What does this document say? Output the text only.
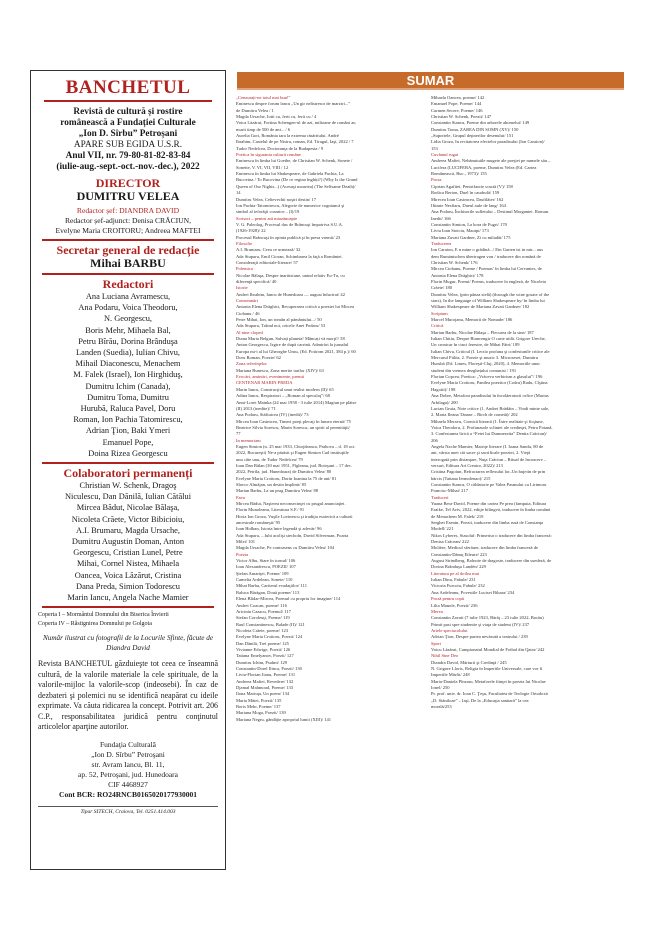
BANCHETUL
Revistă de cultură și rostire
românească a Fundației Culturale
„Ion D. Sîrbu” Petroșani
APARE SUB EGIDA U.S.R.
Anul VII, nr. 79-80-81-82-83-84
(iulie-aug.-sept.-oct.-nov.-dec.), 2022
DIRECTOR
DUMITRU VELEA
Redactor șef: DIANDRA DAVID
Redactor șef-adjunct: Denisa CRĂCIUN,
Evelyne Maria CROITORU; Andreea MAFTEI
Secretar general de redacție
Mihai BARBU
Redactori
Ana Luciana Avramescu,
Ana Podaru, Voica Theodoru,
N. Georgescu,
Boris Mehr, Mihaela Bal,
Petru Bîrău, Dorina Brânduşa
Landen (Suedia), Iulian Chivu,
Mihail Diaconescu, Menachem
M. Falek (Israel), Ion Hirghiduş,
Dumitru Ichim (Canada),
Dumitru Toma, Dumitru
Hurubă, Raluca Pavel, Doru
Roman, Ion Pachia Tatomirescu,
Adrian Ţion, Baki Ymeri
Emanuel Pope,
Doina Rizea Georgescu
Colaboratori permanenți
Christian W. Schenk, Dragoş
Niculescu, Dan Dănilă, Iulian Cătălui
Mircea Bădut, Nicolae Bălaşa,
Nicoleta Crăete, Victor Bibicioiu,
A.I. Brumaru, Magda Ursache,
Dumitru Augustin Doman, Anton
Georgescu, Cristian Lunel, Petre
Mihai, Cornel Nistea, Mihaela
Oancea, Voica Lăzărut, Cristina
Dana Preda, Simion Todorescu
Marin Iancu, Angela Nache Mamier
Coperta I – Mormântul Domnului din Biserica Învierii
Coperta IV – Răstignirea Domnului pe Golgota
Număr ilustrat cu fotografii de la Locurile Sfinte, făcute de Diandra David
Revista BANCHETUL găzduieşte tot ceea ce înseamnă cultură, de la valorile materiale la cele spirituale, de la valorile-mijloc la valorile-scop (indeosebi). În caz de dezbateri şi polemici nu se identifică neapărat cu ideile exprimate. Va căuta ridicarea la concept. Potrivit art. 206 C.P., responsabilitatea juridică pentru conţinutul articolelor aparţine autorilor.
Fundaţia Culturală
„Ion D. Sîrbu” Petroşani
str. Avram Iancu, Bl. 11,
ap. 52, Petroşani, jud. Hunedoara
CIF 4468927
Cont BCR: RO24RNCB0165020177930001
Tipar SITECH, Craiova, Tel. 0251.414.003
SUMAR
„Cenzurați-ne totul mai bun!”
Eminescu despre forum lancu „Un gir nelistresor de marziri...”
de Dumitru Velea / 1
Magda Ursache, Iotti cu, ferit cu, ferit cu / 4
Voica Lăzărut, Fortina Schengen-ul de azi, milioane de români au
murit timp de 500 de ani... / 6
Aurelia Gori, România tara la extrema răsăritului. André
Ibrahim, Castelul de pe Nistru, roman, Ed. Tiragul, Iaşi, 2022 / 7
Tudor Nedelcea, Doctoranţa de la Budapesta / 9
Poetica în siguranta culturii române
Eminescu în limba lui Goethe, de Christian W. Schenk, Sonete /
Sonette, V. VI, VII, VIII / 12
Eminescu în limba lui Shakespeare, de Gabriela Pachia, La
Bucovina / To Bucovina (De ce regina înghiți?) (Why Is the Grand
Queen of Our Nights...) (Acesaşi moartea) (The Selfsame Death)/
14
Dumitru Velea, Celtevechii noştri destin/ 17
Ion Pachia-Tatomirescu, Alegorie de numerice cogniancă şi
simbol al teforâţii cosmice... (I)/19
Scrisori – pentru ară miazănoapte
V. G. Paleolog, Procesul dus de Brâncuşi împotriva S.U.A.
(1926-1928)/ 22
Procesul Brâncuşi în opinia publică şi în presa vremii/ 23
Filosofie
A.I. Brumaru, Ceea ce urmează/ 32
Ada Stuparu, Emil Cioran, Schimbarea la faţă a României.
Consideraţii editoriale-literare/ 57
Polemica
Nicolae Bălaşa, Despre inaritisiune, unind relativ Eu-Tu, cu
diferenţă specifică/ 40
Istorie
Andrei Ibrahim, Iancu de Hunedoara — august înlucirat/ 42
Consemnări
Antonia Elena Drăghici, Recuperarea critică a poeziei lui Mircea
Ciobanu / 46
Petre Mihai, Ion, un român al pământului.../ 50
Ada Stuparu, Trăind noi, oricele Anei Podaru/ 53
Al nine cloped
Diana Maria Belgun, Salvați planeta! Mâncați vă morţi!/ 58
Anton Georgescu, Izgire de după carrină. Admirări la jurnalul
Europa nu-i al lui Gheorghe Unsu, (Ed. Potirom 2021, 384 p.)/ 60
Doru Roman, Poezie/ 62
Zona referinţelor
Mariana Bunescu, Zona merite tarilor (XIV)/ 63
Evocări, amintiri, evenimente, premii
CENTENAR MARIN PREDA
Marin Iancu, Construcţiul unui realist modern (II)/ 65
Adina Iancu, Respiratori – „Roman al speculaţ”/ 68
Anni-Lorei Mainka (24 mai 1958 - 3 iulie 2014) Magiun pe plăise
(II) 2013 (inedite)/ 71
Ana Podaru, Stăfiuicea (IV) (inedit)/ 73
Mircea Ioan Casimcea, Timeri poeţi plecaţi în lumea eternă/ 75
Beatrice Silvia Sorescu, Marin Sorescu, un spirit al perenităţii/
77
In memoriam
Eugen Simion (n. 25 mai 1933, Chiojdeanca, Prahova – d. 18 oct.
2022, Bucureşti) Ne-a părăsit şi Eugen Simion Cad instituţiile
unu câte unu, de Tudor Nedelcea/ 79
Ioan Dan Bălan (30 mai 1951, Fîgleana, jud. Botoşani – 17 dec.
2022, Petrila, jud. Hunedoara) de Dumitru Velea/ 80
Evelyne Maria Croitoru, Dorin Ioanina la 75 de ani/ 81
Slavco Almăjan, un destin împlinit/ 85
Marian Barbu, La un prag Dumitru Velea/ 88
Eseu
Mircea Bădut, Naşterea neconsecinţei cu prugul anunciaţiei.
Florin Munoleanu, Literatura S.F./ 91
Horia Ion Groza, Vuşile Lovinescu şi tradiţia esoterică a culturii
ancestrale româneşti/ 95
Ioan Holban, Istoria între legendă şi adevăr/ 96
Ada Stuparu, ...Iubi acolişi stecholn, David Silverman, Poarta
Milei/ 101
Magda Ursache, Pe contrasens cu Dumitru Velea/ 104
Poezia
Victor Albu, Stare în iconul/ 106
Ioan Alexandrescu, POEZII/ 107
Ştefan Amariţei, Poeme/ 109
Camelia Ardelean, Sonete/ 110
Mihai Barbu, Cartierul evadaţiilor/ 111
Raluca Bărăgan, Două poeme/ 113
Elena Blidar-Mircea, Poemul cu propriu lor imagine/ 114
Andrei Coacan, poeme/ 116
Ariciniu Cazacu, Poemul/ 117
Stefan Coroleuţi, Poeme/ 119
Raul Constantinescu, Balade (II)/ 121
Nicoleta Crăete, poeme/ 123
Evelyne Maria Croitoru, Poezii/ 124
Dan Dănilă, Trei poeme/ 125
Vivianne Edwige, Poezii/ 126
Tatiana Emelyanov, Poezii/ 127
Dumitru Ichim, Psalmi/ 129
Constantin-Dorel Ilinca, Poezii/ 130
Liviu-Florian Jianu, Poeme/ 131
Andreea Maftei, Revedere/ 132
Djamal Mahmoud, Poeme/ 133
Ilona Mariuţa, Un poem/ 134
Maria Mătei, Poezii/ 135
Boris Mehr, Poeme/ 137
Mariana Moga, Poezii/ 139
Mariana Negru, gândăjie apropriul lumii (XIII)/ 141
Mihaela Oancea, poeme/ 142
Emanuel Pope, Poeme/ 144
Carmen Secere, Poeme/ 146
Christian W. Schenk, Poezii/ 147
Constantin Stancu, Poeme din arborele ahomelui/ 149
Dumitru Toma, ZAREA DIN SOMN (XV)/ 150
„Suportele, Grupul deţinerilor desenului/ 151
Lidia Groza, In recitatorea efectelor paradisului (Ion Caraion)/
153
Cuvântul rugat
Andreea Maftei, Nebănuiuiile mugete ale poeţiei pe numele său –
Lucifera (LUCIFERA, poeme, Dumitru Velea (Ed. Cartea
Românească, Buc., 1973)/ 155
Proza
Ciprian Agafitei, Pentrifaorie scurtă (V)/ 158
Rodica Berton, Duel în caudrulă/ 159
Mirecea Ioan Casimcea, Dasfilăter/ 162
Iftimie Nesfiaru, Dueul aule de lang/ 164
Ana Podaru, Închisorile sufletului – Destinul Morgantei. Roman.
Inedit/ 166
Constantin Simion, La hora de Fugri/ 170
Liviu Ioan Stoiciu, Mauipi/ 173
Mariana Zavati Gardner, Zi cu miladăi/ 175
Traducerea
Ion Caraion, E n mine o grădină.../ Ein Garten ist in mir... aus
dem Rumänischen übertragen von / traducere din română de
Christian W. Schenk/ 176
Mircea Ciobanu, Poeme / Poemas’ în limba lui Cervantes, de
Antonia Elena Drăghici/ 178
Florin Mugur, Poemi/ Poems, traducere în engleză, de Nicoleta
Crăete/ 180
Dumitru Velea, (prin pânza stelă) (through the wine gosate of the
stars), In the language of William Shakespeare by/ în limba lui
William Shakespeare de Mariana Zavati Gardner/ 182
Scriptum
Marcel Murojanu, Memorii de Nomade/ 186
Critică
Marian Barbu, Nicolae Bălaşa – Flecurea de la sine/ 187
Iulian Chitiu, Despre Biancengir O carte utilă. Grigore Ureche,
Un cronicar în cinci ferestre, de Mihai Fătri/ 189
Iulian Chivu, Criticul (I. Lectio profana şi confesiunile critice ale
Mercurul Fülöa, 2. Poezie şi muzic 3. Microseset, Dumitru
Hurubă (Ed. Limes, Floreşti-Cluj, 2020), 4. Memoriile unui
student din vremea dezghețului comunist / 191
Florian Copcea, Poetica: „Vrăceva verbirism a glasului”/ 196
Evelyne Maria Croitoru, Panilea poeziior (Codru) Radu, Cîştina
Hagotti)/ 198
Ana Dobre, Metafora paradisului în încolăeratorii orfice (Marius
Arbilaga)/ 200
Lucian Gruia, Note critice (1. Andrei Brădăin – Vindi minte sale,
2. Maria Ileana Tănase – Birch de cometă)/ 202
Mihaela Meravu, Cronică literară (1. Între realitate şi ficţiune,
Voica Theodoru, 2. Profunzurle sclintei ale credinţei, Petru Poianã,
3. Confesiunea lirică a “Fetei lui Dumnezeita” Dentia Crăciun)/
206
Angela Nache Mamier, Matriţe literare (I. Ioana Sandu, 80 de
ani, vârsta unei căi sacre şi sacrificale poeziei, 2. Vieţă
interogată prin distanţare, Nuţa Crăciun – Ritual de încoacere –
versuri, Editura Art Creator, 2022)/ 213
Cristina Pagoiun, Refractarea reflexului lor–Un bujetin de prin
bărcis (Tatiana Iermolenao)/ 215
Constantin Stancu, O căldatorie pe Valea Pasmului cu Lirimoru
Francisc-Mihai/ 217
Traduceri
Yuana Bera-David, Poeme din cartea Pe prea (fampuia, Editura
Eraike, Tel Aviv, 2022, ediţie bilingvă, traducere în limba română
de Menachem M. Falek/ 219
Serghei Esenin, Poezii, traducere din limba rusă de Constanţa
Modell/ 221
Nikos Lyberes, Stasolul: Primeriur o traducere din limba franceză:
Denisa Crăcean/ 222
Molière, Medicul sferăuer, traducere din limba franceză de
Constantin-Dănuţ Etleure/ 223
August Strindberg, Bolnoie de dragoste, traducere din suedeză, de
Dorina Brânduşa Landén/ 229
Literatura pe al doilea mai
Iulian Dinu, Fabule/ 231
Victoria Furcoiu, Fabule/ 232
Ana Ardeleanu, Povestile Lucisei Bibara/ 234
Proză pentru copii
Lilia Manole, Poezii/ 236
Mereu
Constantin Zavati (7 iulie 1923, Bărăţ – 23 iulie 2022, Bacău)
Primit pasi spre studentie şi viaţa de student (IV)/ 237
Artele spectacolului
Adrian Ţion, Despre partea nevăzută a teatrului / 239
Sport
Voicu Lăzărut, Campionatul Mondial de Fotbal din Qatar/ 242
Nihil Sine Deo
Diandra David, Mărturii şi Credinţă / 245
N. Grigore Lloris, Religia în Imperiile Universale, care vor fi
Imperiile Mărfii/ 248
Maria-Daniela Pînzaru, Metaforele fiinţei în poezia lui Nicolae
Ionel/ 250
Pr. prof. univ. dr. Ioan C. Ţeşu, Facultatea de Teologie Ortodoxă
„D. Stăniloae” – Iaşi, De la „Educaţia sanitară” la cea
morală/253
